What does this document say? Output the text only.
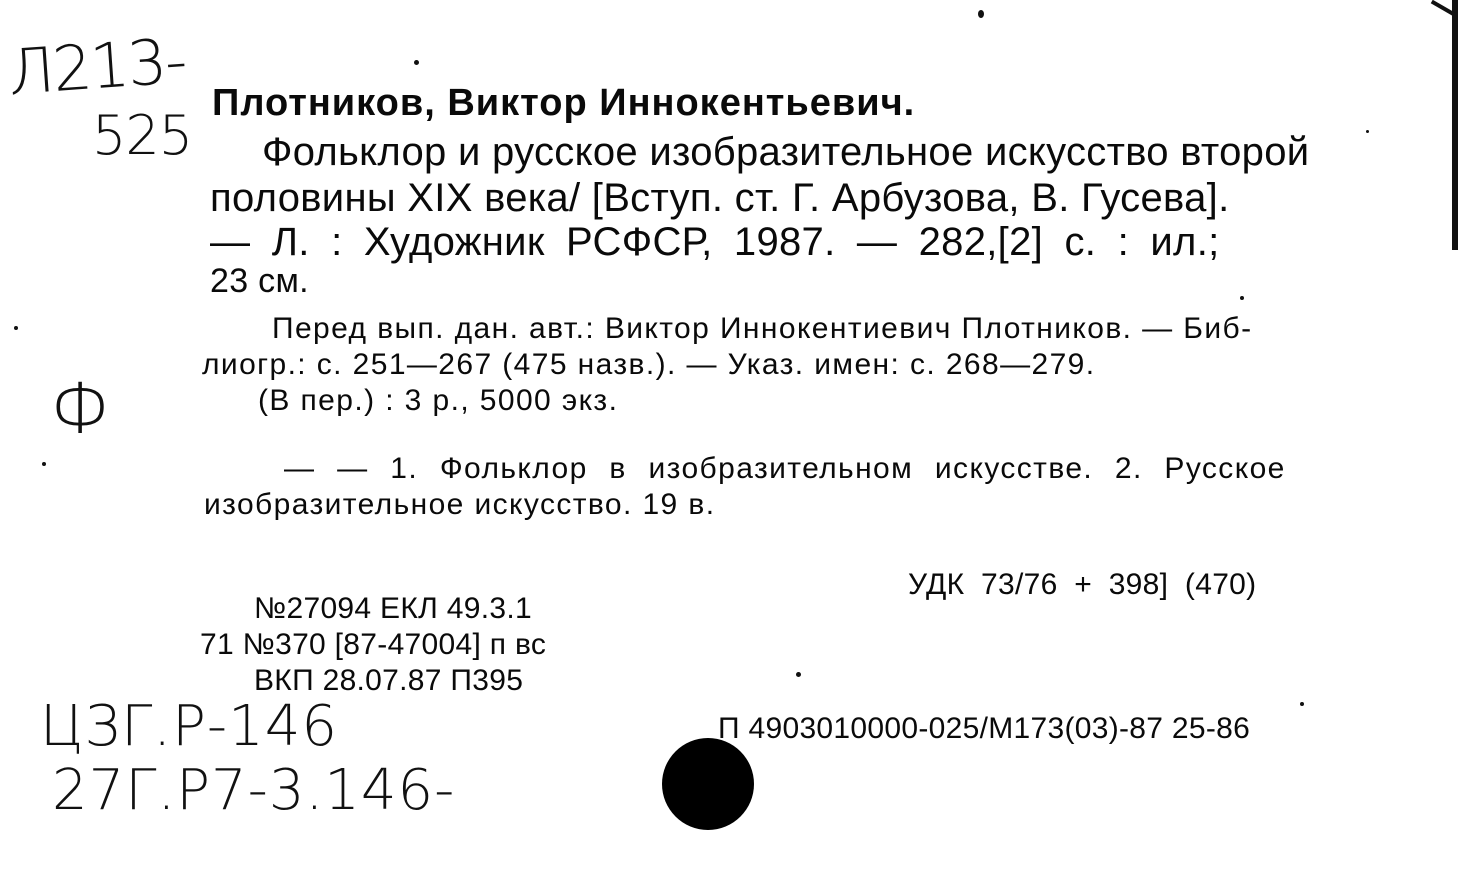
Л213-
525
Ф
ЦЗГ.Р-146
27Г.Р7-3.146-
Плотников, Виктор Иннокентьевич.
Фольклор и русское изобразительное искусство второй
половины XIX века/ [Вступ. ст. Г. Арбузова, В. Гусева].
— Л. : Художник РСФСР, 1987. — 282,[2] с. : ил.;
23 см.
Перед вып. дан. авт.: Виктор Иннокентиевич Плотников. — Биб-
лиогр.: с. 251—267 (475 назв.). — Указ. имен: с. 268—279.
(В пер.) : 3 р., 5000 экз.
— — 1. Фольклор в изобразительном искусстве. 2. Русское
изобразительное искусство. 19 в.
УДК 73/76 + 398] (470)
№27094 ЕКЛ 49.3.1
71 №370 [87-47004] п вс
ВКП 28.07.87 П395
П 4903010000-025/М173(03)-87 25-86
